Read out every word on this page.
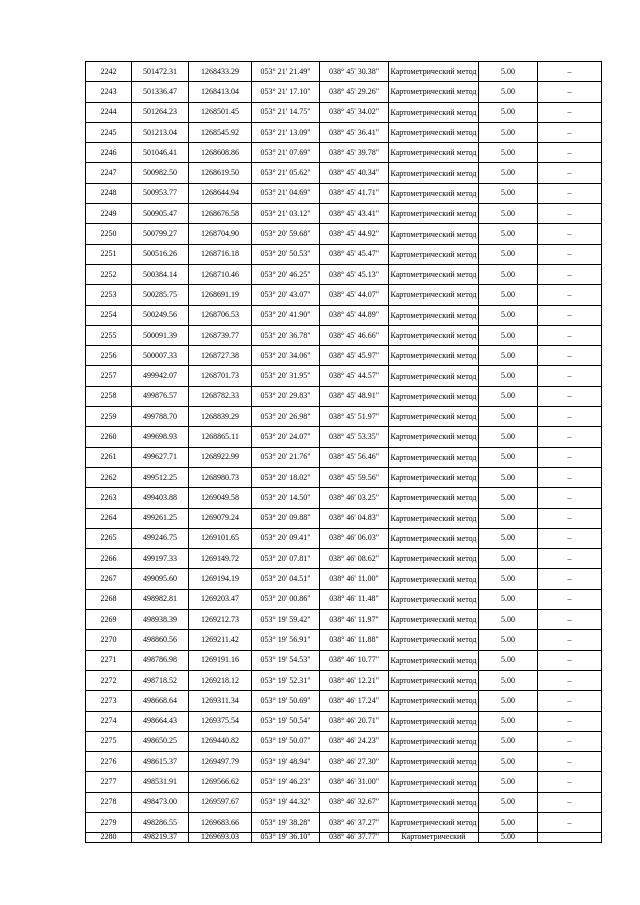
2242	501472.31	1268433.29	053° 21' 21.49"	038° 45' 30.38"	Картометрический метод	5.00	–
2243	501336.47	1268413.04	053° 21' 17.10"	038° 45' 29.26"	Картометрический метод	5.00	–
2244	501264.23	1268501.45	053° 21' 14.75"	038° 45' 34.02"	Картометрический метод	5.00	–
2245	501213.04	1268545.92	053° 21' 13.09"	038° 45' 36.41"	Картометрический метод	5.00	–
2246	501046.41	1268608.86	053° 21' 07.69"	038° 45' 39.78"	Картометрический метод	5.00	–
2247	500982.50	1268619.50	053° 21' 05.62"	038° 45' 40.34"	Картометрический метод	5.00	–
2248	500953.77	1268644.94	053° 21' 04.69"	038° 45' 41.71"	Картометрический метод	5.00	–
2249	500905.47	1268676.58	053° 21' 03.12"	038° 45' 43.41"	Картометрический метод	5.00	–
2250	500799.27	1268704.90	053° 20' 59.68"	038° 45' 44.92"	Картометрический метод	5.00	–
2251	500516.26	1268716.18	053° 20' 50.53"	038° 45' 45.47"	Картометрический метод	5.00	–
2252	500384.14	1268710.46	053° 20' 46.25"	038° 45' 45.13"	Картометрический метод	5.00	–
2253	500285.75	1268691.19	053° 20' 43.07"	038° 45' 44.07"	Картометрический метод	5.00	–
2254	500249.56	1268706.53	053° 20' 41.90"	038° 45' 44.89"	Картометрический метод	5.00	–
2255	500091.39	1268739.77	053° 20' 36.78"	038° 45' 46.66"	Картометрический метод	5.00	–
2256	500007.33	1268727.38	053° 20' 34.06"	038° 45' 45.97"	Картометрический метод	5.00	–
2257	499942.07	1268701.73	053° 20' 31.95"	038° 45' 44.57"	Картометрический метод	5.00	–
2258	499876.57	1268782.33	053° 20' 29.83"	038° 45' 48.91"	Картометрический метод	5.00	–
2259	499788.70	1268839.29	053° 20' 26.98"	038° 45' 51.97"	Картометрический метод	5.00	–
2260	499698.93	1268865.11	053° 20' 24.07"	038° 45' 53.35"	Картометрический метод	5.00	–
2261	499627.71	1268922.99	053° 20' 21.76"	038° 45' 56.46"	Картометрический метод	5.00	–
2262	499512.25	1268980.73	053° 20' 18.02"	038° 45' 59.56"	Картометрический метод	5.00	–
2263	499403.88	1269049.58	053° 20' 14.50"	038° 46' 03.25"	Картометрический метод	5.00	–
2264	499261.25	1269079.24	053° 20' 09.88"	038° 46' 04.83"	Картометрический метод	5.00	–
2265	499246.75	1269101.65	053° 20' 09.41"	038° 46' 06.03"	Картометрический метод	5.00	–
2266	499197.33	1269149.72	053° 20' 07.81"	038° 46' 08.62"	Картометрический метод	5.00	–
2267	499095.60	1269194.19	053° 20' 04.51"	038° 46' 11.00"	Картометрический метод	5.00	–
2268	498982.81	1269203.47	053° 20' 00.86"	038° 46' 11.48"	Картометрический метод	5.00	–
2269	498938.39	1269212.73	053° 19' 59.42"	038° 46' 11.97"	Картометрический метод	5.00	–
2270	498860.56	1269211.42	053° 19' 56.91"	038° 46' 11.88"	Картометрический метод	5.00	–
2271	498786.98	1269191.16	053° 19' 54.53"	038° 46' 10.77"	Картометрический метод	5.00	–
2272	498718.52	1269218.12	053° 19' 52.31"	038° 46' 12.21"	Картометрический метод	5.00	–
2273	498668.64	1269311.34	053° 19' 50.69"	038° 46' 17.24"	Картометрический метод	5.00	–
2274	498664.43	1269375.54	053° 19' 50.54"	038° 46' 20.71"	Картометрический метод	5.00	–
2275	498650.25	1269440.82	053° 19' 50.07"	038° 46' 24.23"	Картометрический метод	5.00	–
2276	498615.37	1269497.79	053° 19' 48.94"	038° 46' 27.30"	Картометрический метод	5.00	–
2277	498531.91	1269566.62	053° 19' 46.23"	038° 46' 31.00"	Картометрический метод	5.00	–
2278	498473.00	1269597.67	053° 19' 44.32"	038° 46' 32.67"	Картометрический метод	5.00	–
2279	498286.55	1269683.66	053° 19' 38.28"	038° 46' 37.27"	Картометрический метод	5.00	–
2280	498219.37	1269693.03	053° 19' 36.10"	038° 46' 37.77"	Картометрический	5.00	
